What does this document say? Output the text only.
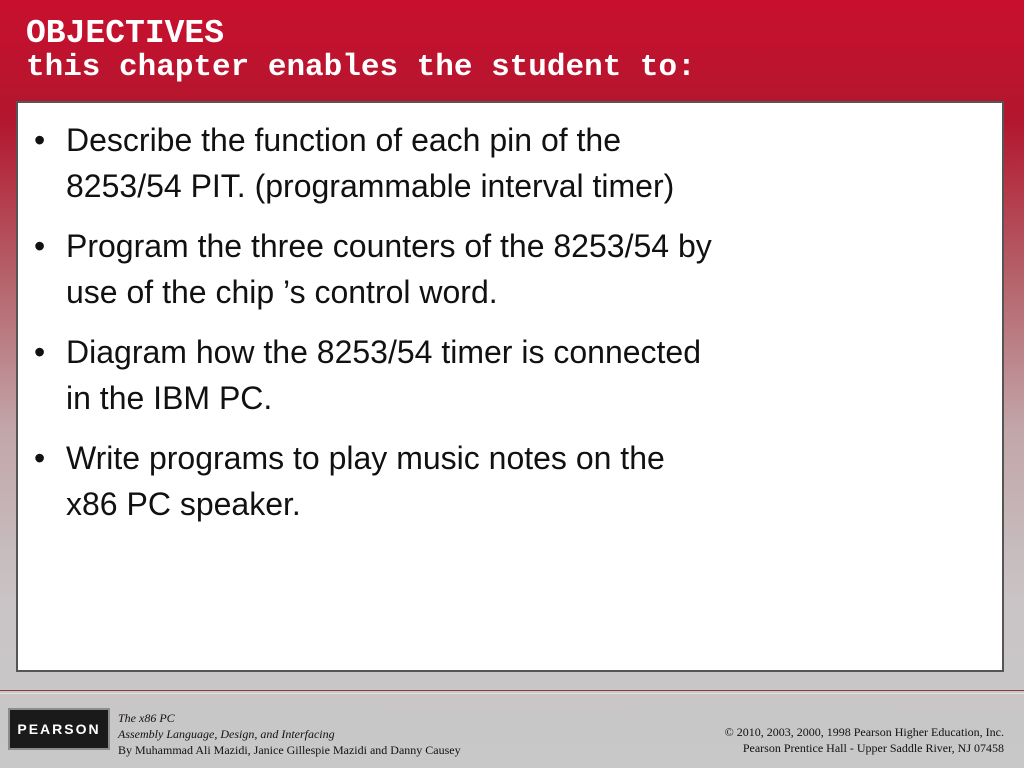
OBJECTIVES
this chapter enables the student to:
• Describe the function of each pin of the
8253/54 PIT. (programmable interval timer)
• Program the three counters of the 8253/54 by
use of the chip ’s control word.
• Diagram how the 8253/54 timer is connected
in the IBM PC.
• Write programs to play music notes on the
x86 PC speaker.
PEARSON
The x86 PC
Assembly Language, Design, and Interfacing
By Muhammad Ali Mazidi, Janice Gillespie Mazidi and Danny Causey
© 2010, 2003, 2000, 1998 Pearson Higher Education, Inc.
Pearson Prentice Hall - Upper Saddle River, NJ 07458
